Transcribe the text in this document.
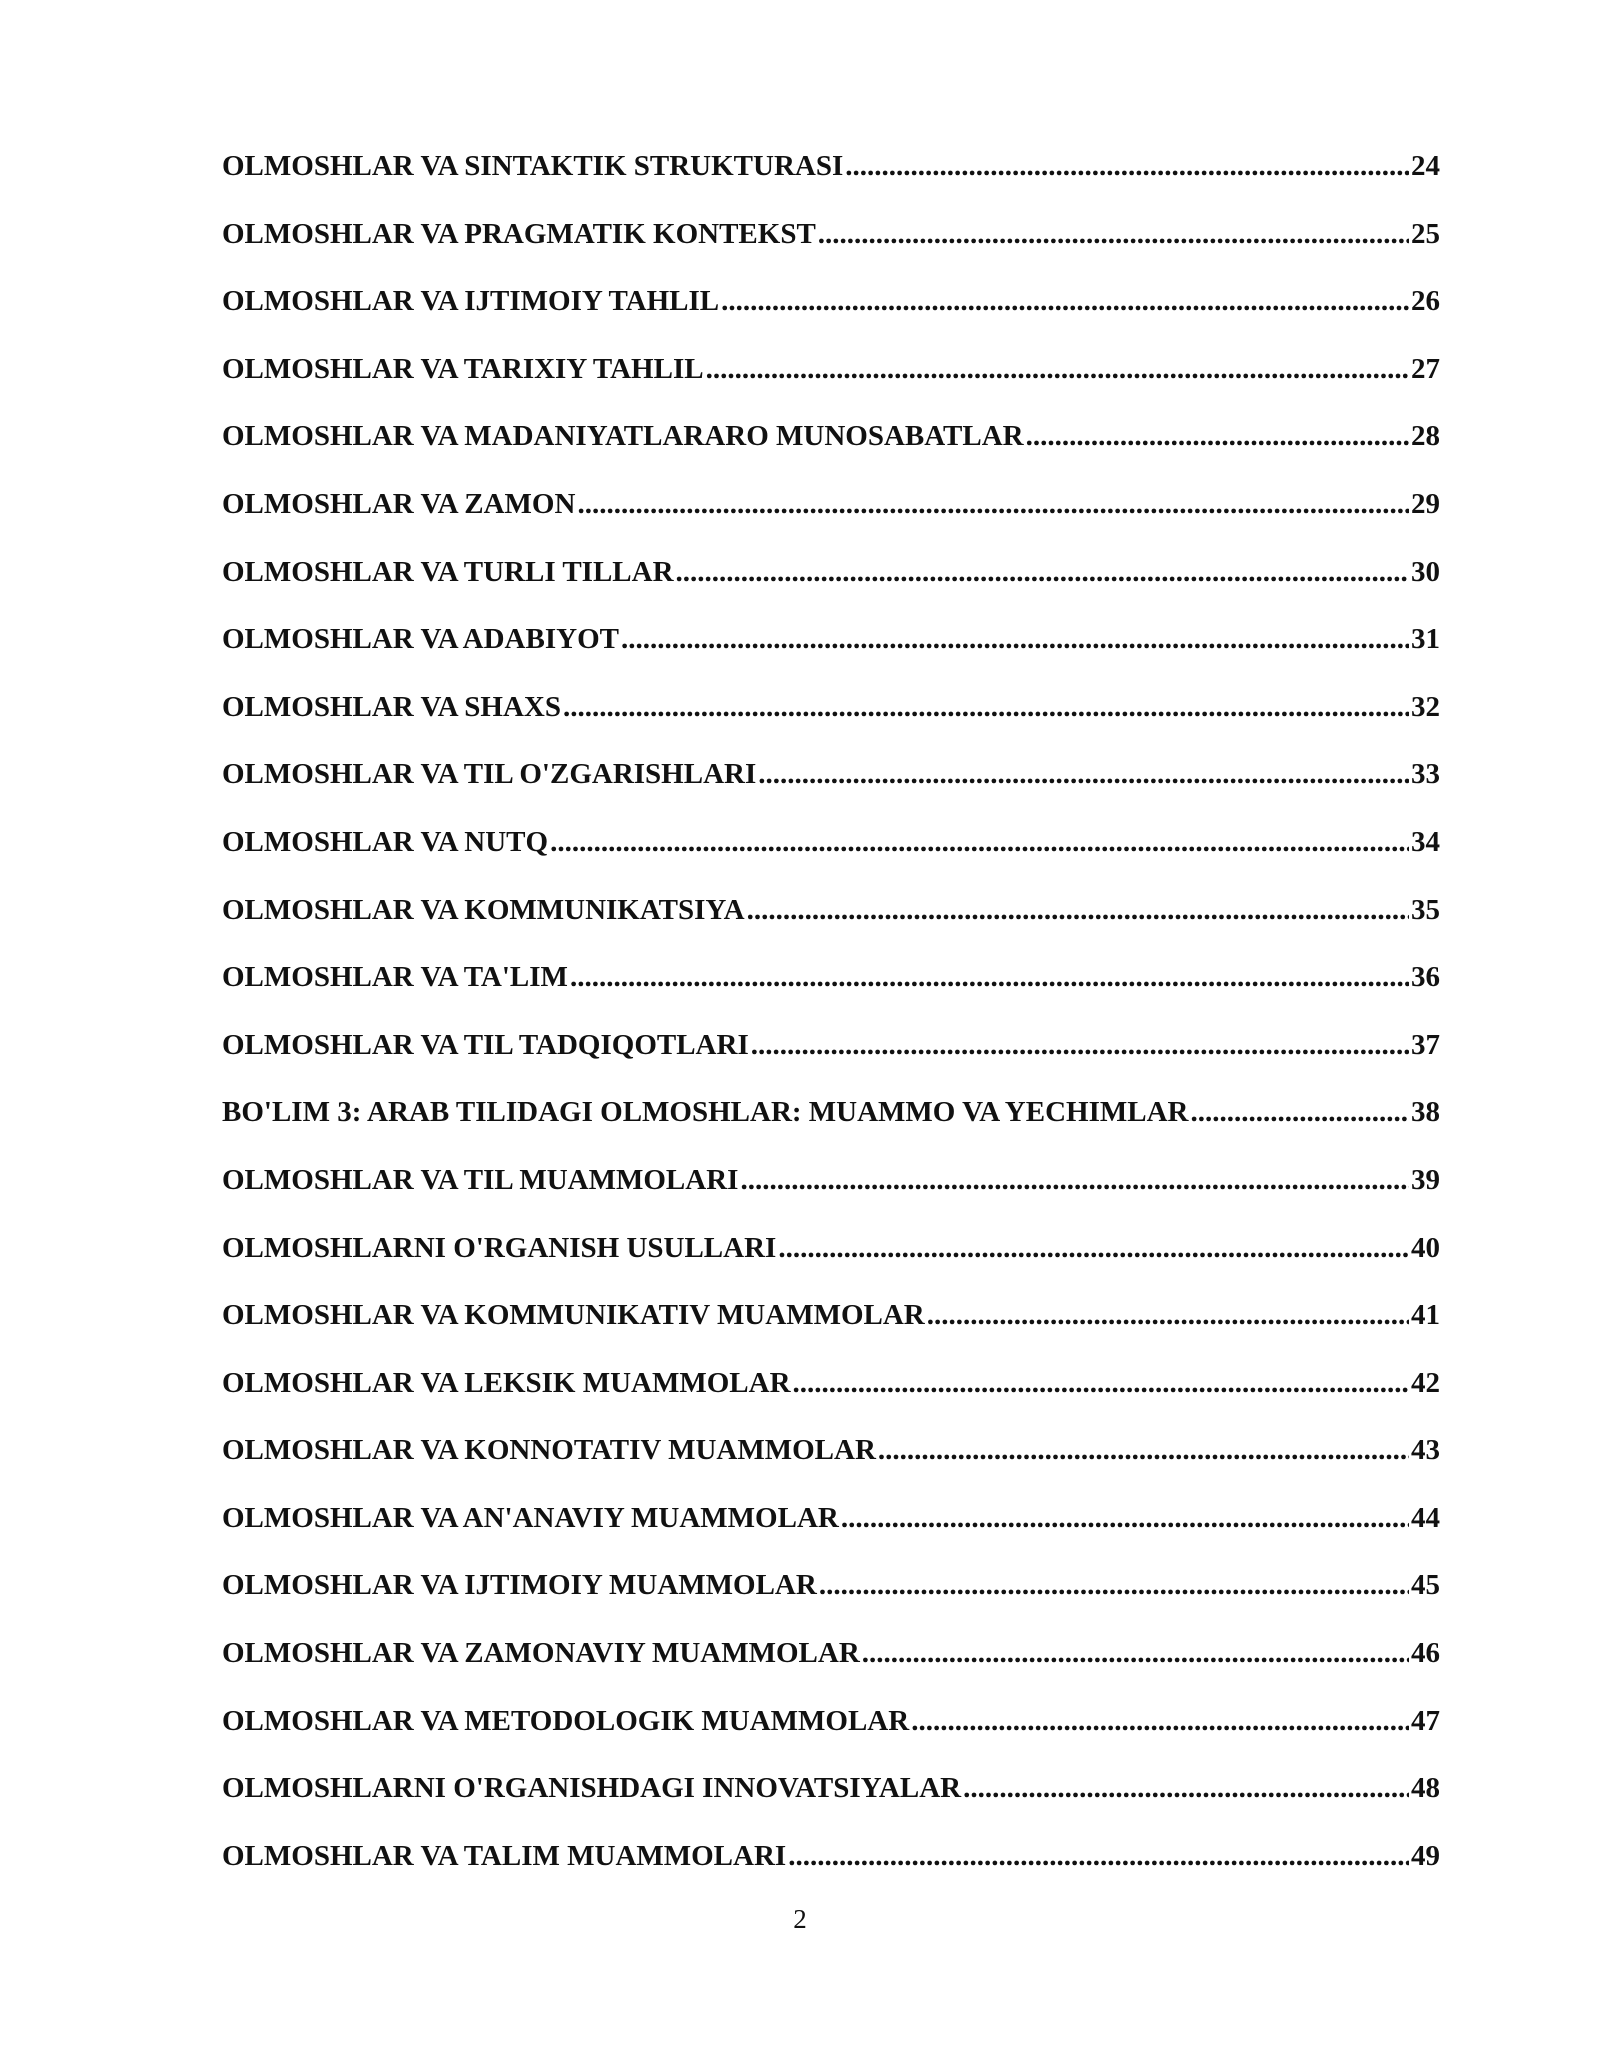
OLMOSHLAR VA SINTAKTIK STRUKTURASI .....	24
OLMOSHLAR VA PRAGMATIK KONTEKST .....	25
OLMOSHLAR VA IJTIMOIY TAHLIL .....	26
OLMOSHLAR VA TARIXIY TAHLIL .....	27
OLMOSHLAR VA MADANIYATLARARO MUNOSABATLAR .....	28
OLMOSHLAR VA ZAMON .....	29
OLMOSHLAR VA TURLI TILLAR .....	30
OLMOSHLAR VA ADABIYOT .....	31
OLMOSHLAR VA SHAXS .....	32
OLMOSHLAR VA TIL O'ZGARISHLARI .....	33
OLMOSHLAR VA NUTQ .....	34
OLMOSHLAR VA KOMMUNIKATSIYA .....	35
OLMOSHLAR VA TA'LIM .....	36
OLMOSHLAR VA TIL TADQIQOTLARI .....	37
BO'LIM 3: ARAB TILIDAGI OLMOSHLAR: MUAMMO VA YECHIMLAR .....	38
OLMOSHLAR VA TIL MUAMMOLARI .....	39
OLMOSHLARNI O'RGANISH USULLARI .....	40
OLMOSHLAR VA KOMMUNIKATIV MUAMMOLAR .....	41
OLMOSHLAR VA LEKSIK MUAMMOLAR .....	42
OLMOSHLAR VA KONNOTATIV MUAMMOLAR .....	43
OLMOSHLAR VA AN'ANAVIY MUAMMOLAR .....	44
OLMOSHLAR VA IJTIMOIY MUAMMOLAR .....	45
OLMOSHLAR VA ZAMONAVIY MUAMMOLAR .....	46
OLMOSHLAR VA METODOLOGIK MUAMMOLAR .....	47
OLMOSHLARNI O'RGANISHDAGI INNOVATSIYALAR .....	48
OLMOSHLAR VA TALIM MUAMMOLARI .....	49
2
